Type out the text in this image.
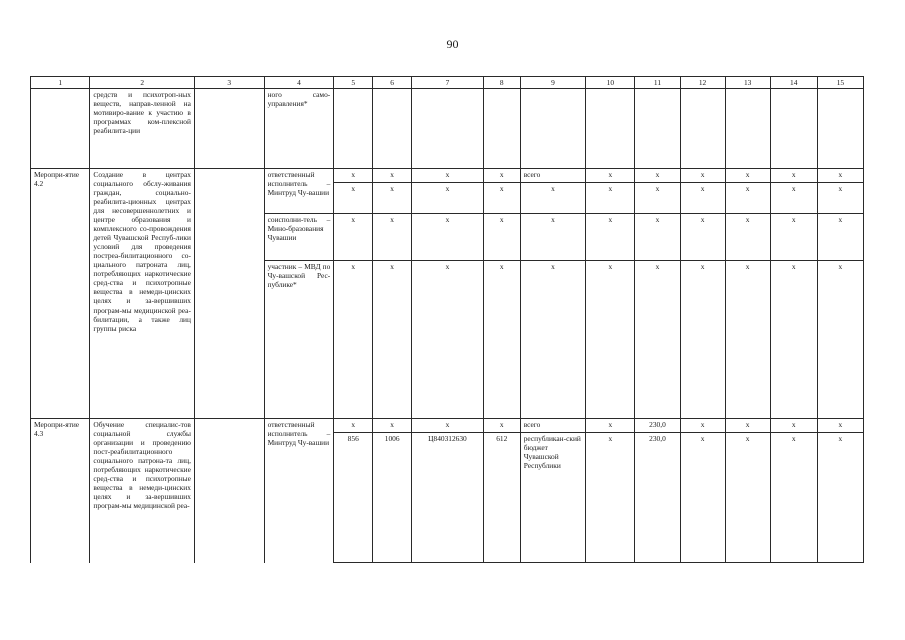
90
1	2	3	4	5	6	7	8	9	10	11	12	13	14	15
	средств и психотроп-ных веществ, направ-ленной на мотивиро-вание к участию в программах ком-плексной реабилита-ции		ного само-управления*											
Меропри-ятие 4.2	Создание в центрах социального обслу-живания граждан, социально-реабилита-ционных центрах для несовершеннолетних и центре образования и комплексного со-провождения детей Чувашской Респуб-лики условий для проведения постреа-билитационного со-циального патроната лиц, потребляющих наркотические сред-ства и психотропные вещества в немеди-цинских целях и за-вершивших програм-мы медицинской реа-билитации, а также лиц группы риска		ответственный исполнитель – Минтруд Чу-вашии	x	x	x	x	всего	x	x	x	x	x	x
				x	x	x	x	x	x	x	x	x	x	x
			соисполни-тель – Мино-бразования Чувашии	x	x	x	x	x	x	x	x	x	x	x
			участник – МВД по Чу-вашской Рес-публике*	x	x	x	x	x	x	x	x	x	x	x
Меропри-ятие 4.3	Обучение специалис-тов социальной службы организации и проведению пост-реабилитационного социального патрона-та лиц, потребляющих наркотические сред-ства и психотропные вещества в немеди-цинских целях и за-вершивших програм-мы медицинской реа-		ответственный исполнитель – Минтруд Чу-вашии	x	x	x	x	всего	x	230,0	x	x	x	x
				856	1006	Ц840312630	612	республикан-ский бюджет Чувашской Республики	x	230,0	x	x	x	x
